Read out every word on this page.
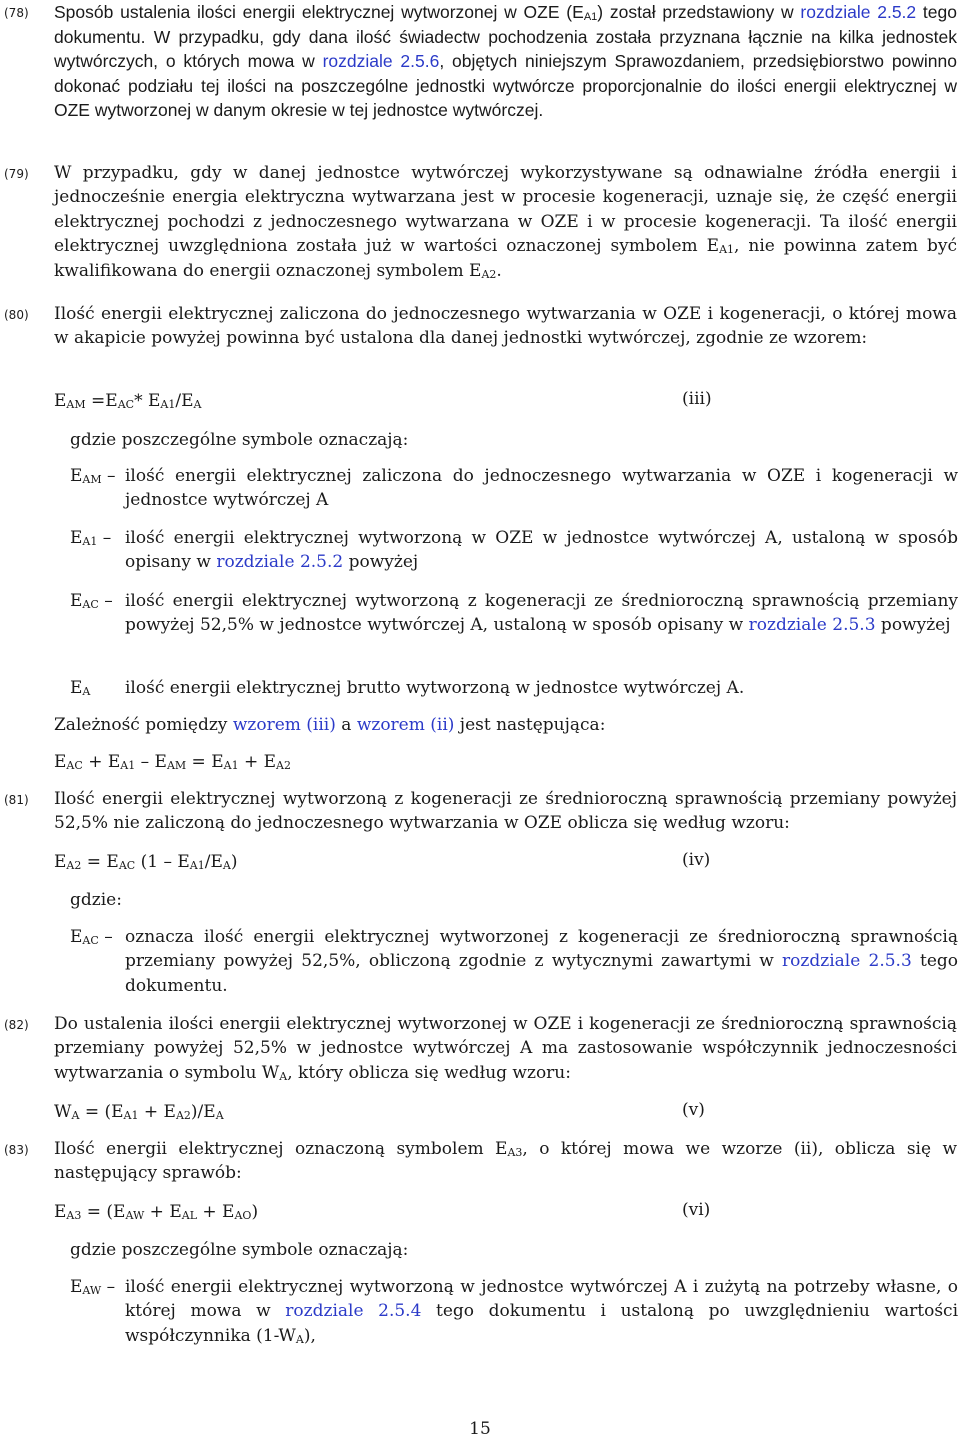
(78) Sposób ustalenia ilości energii elektrycznej wytworzonej w OZE $(E_{A1})$ został przedstawiony w rozdziale 2.5.2 tego dokumentu. W przypadku, gdy dana ilość świadectw pochodzenia została przyznana łącznie na kilka jednostek wytwórczych, o których mowa w rozdziale 2.5.6, objętych niniejszym Sprawozdaniem, przedsiębiorstwo powinno dokonać podziału tej ilości na poszczególne jednostki wytwórcze proporcjonalnie do ilości energii elektrycznej w OZE wytworzonej w danym okresie w tej jednostce wytwórczej.
(79) W przypadku, gdy w danej jednostce wytwórczej wykorzystywane są odnawialne źródła energii i jednocześnie energia elektryczna wytwarzana jest w procesie kogeneracji, uznaje się, że część energii elektrycznej pochodzi z jednoczesnego wytwarzana w OZE i w procesie kogeneracji. Ta ilość energii elektrycznej uwzględniona została już w wartości oznaczonej symbolem $E_{A1}$, nie powinna zatem być kwalifikowana do energii oznaczonej symbolem $E_{A2}$.
(80) Ilość energii elektrycznej zaliczona do jednoczesnego wytwarzania w OZE i kogeneracji, o której mowa w akapicie powyżej powinna być ustalona dla danej jednostki wytwórczej, zgodnie ze wzorem:
$E_{AM} =E_{AC}*$ $E_{A1}/E_A$	(iii)
gdzie poszczególne symbole oznaczają:
$E_{AM}$ – ilość energii elektrycznej zaliczona do jednoczesnego wytwarzania w OZE i kogeneracji w jednostce wytwórczej A
$E_{A1}$ – ilość energii elektrycznej wytworzoną w OZE w jednostce wytwórczej A, ustaloną w sposób opisany w rozdziale 2.5.2 powyżej
$E_{AC}$ – ilość energii elektrycznej wytworzoną z kogeneracji ze średnioroczną sprawnością przemiany powyżej 52,5% w jednostce wytwórczej A, ustaloną w sposób opisany w rozdziale 2.5.3 powyżej
$E_A$ ilość energii elektrycznej brutto wytworzoną w jednostce wytwórczej A.
Zależność pomiędzy wzorem (iii) a wzorem (ii) jest następująca:
$E_{AC} + E_{A1} - E_{AM} = E_{A1} + E_{A2}$
(81) Ilość energii elektrycznej wytworzoną z kogeneracji ze średnioroczną sprawnością przemiany powyżej 52,5% nie zaliczoną do jednoczesnego wytwarzania w OZE oblicza się według wzoru:
$E_{A2} = E_{AC}$ $(1 - E_{A1}/E_A)$	(iv)
gdzie:
$E_{AC}$ – oznacza ilość energii elektrycznej wytworzonej z kogeneracji ze średnioroczną sprawnością przemiany powyżej 52,5%, obliczoną zgodnie z wytycznymi zawartymi w rozdziale 2.5.3 tego dokumentu.
(82) Do ustalenia ilości energii elektrycznej wytworzonej w OZE i kogeneracji ze średnioroczną sprawnością przemiany powyżej 52,5% w jednostce wytwórczej A ma zastosowanie współczynnik jednoczesności wytwarzania o symbolu $W_A$, który oblicza się według wzoru:
$W_A = (E_{A1} + E_{A2})/E_A$	(v)
(83) Ilość energii elektrycznej oznaczoną symbolem $E_{A3}$, o której mowa we wzorze (ii), oblicza się w następujący sprawób:
$E_{A3} = (E_{AW} + E_{AL} + E_{AO})$	(vi)
gdzie poszczególne symbole oznaczają:
$E_{AW}$ – ilość energii elektrycznej wytworzoną w jednostce wytwórczej A i zużytą na potrzeby własne, o której mowa w rozdziale 2.5.4 tego dokumentu i ustaloną po uwzględnieniu wartości współczynnika $(1-W_A)$,
15
